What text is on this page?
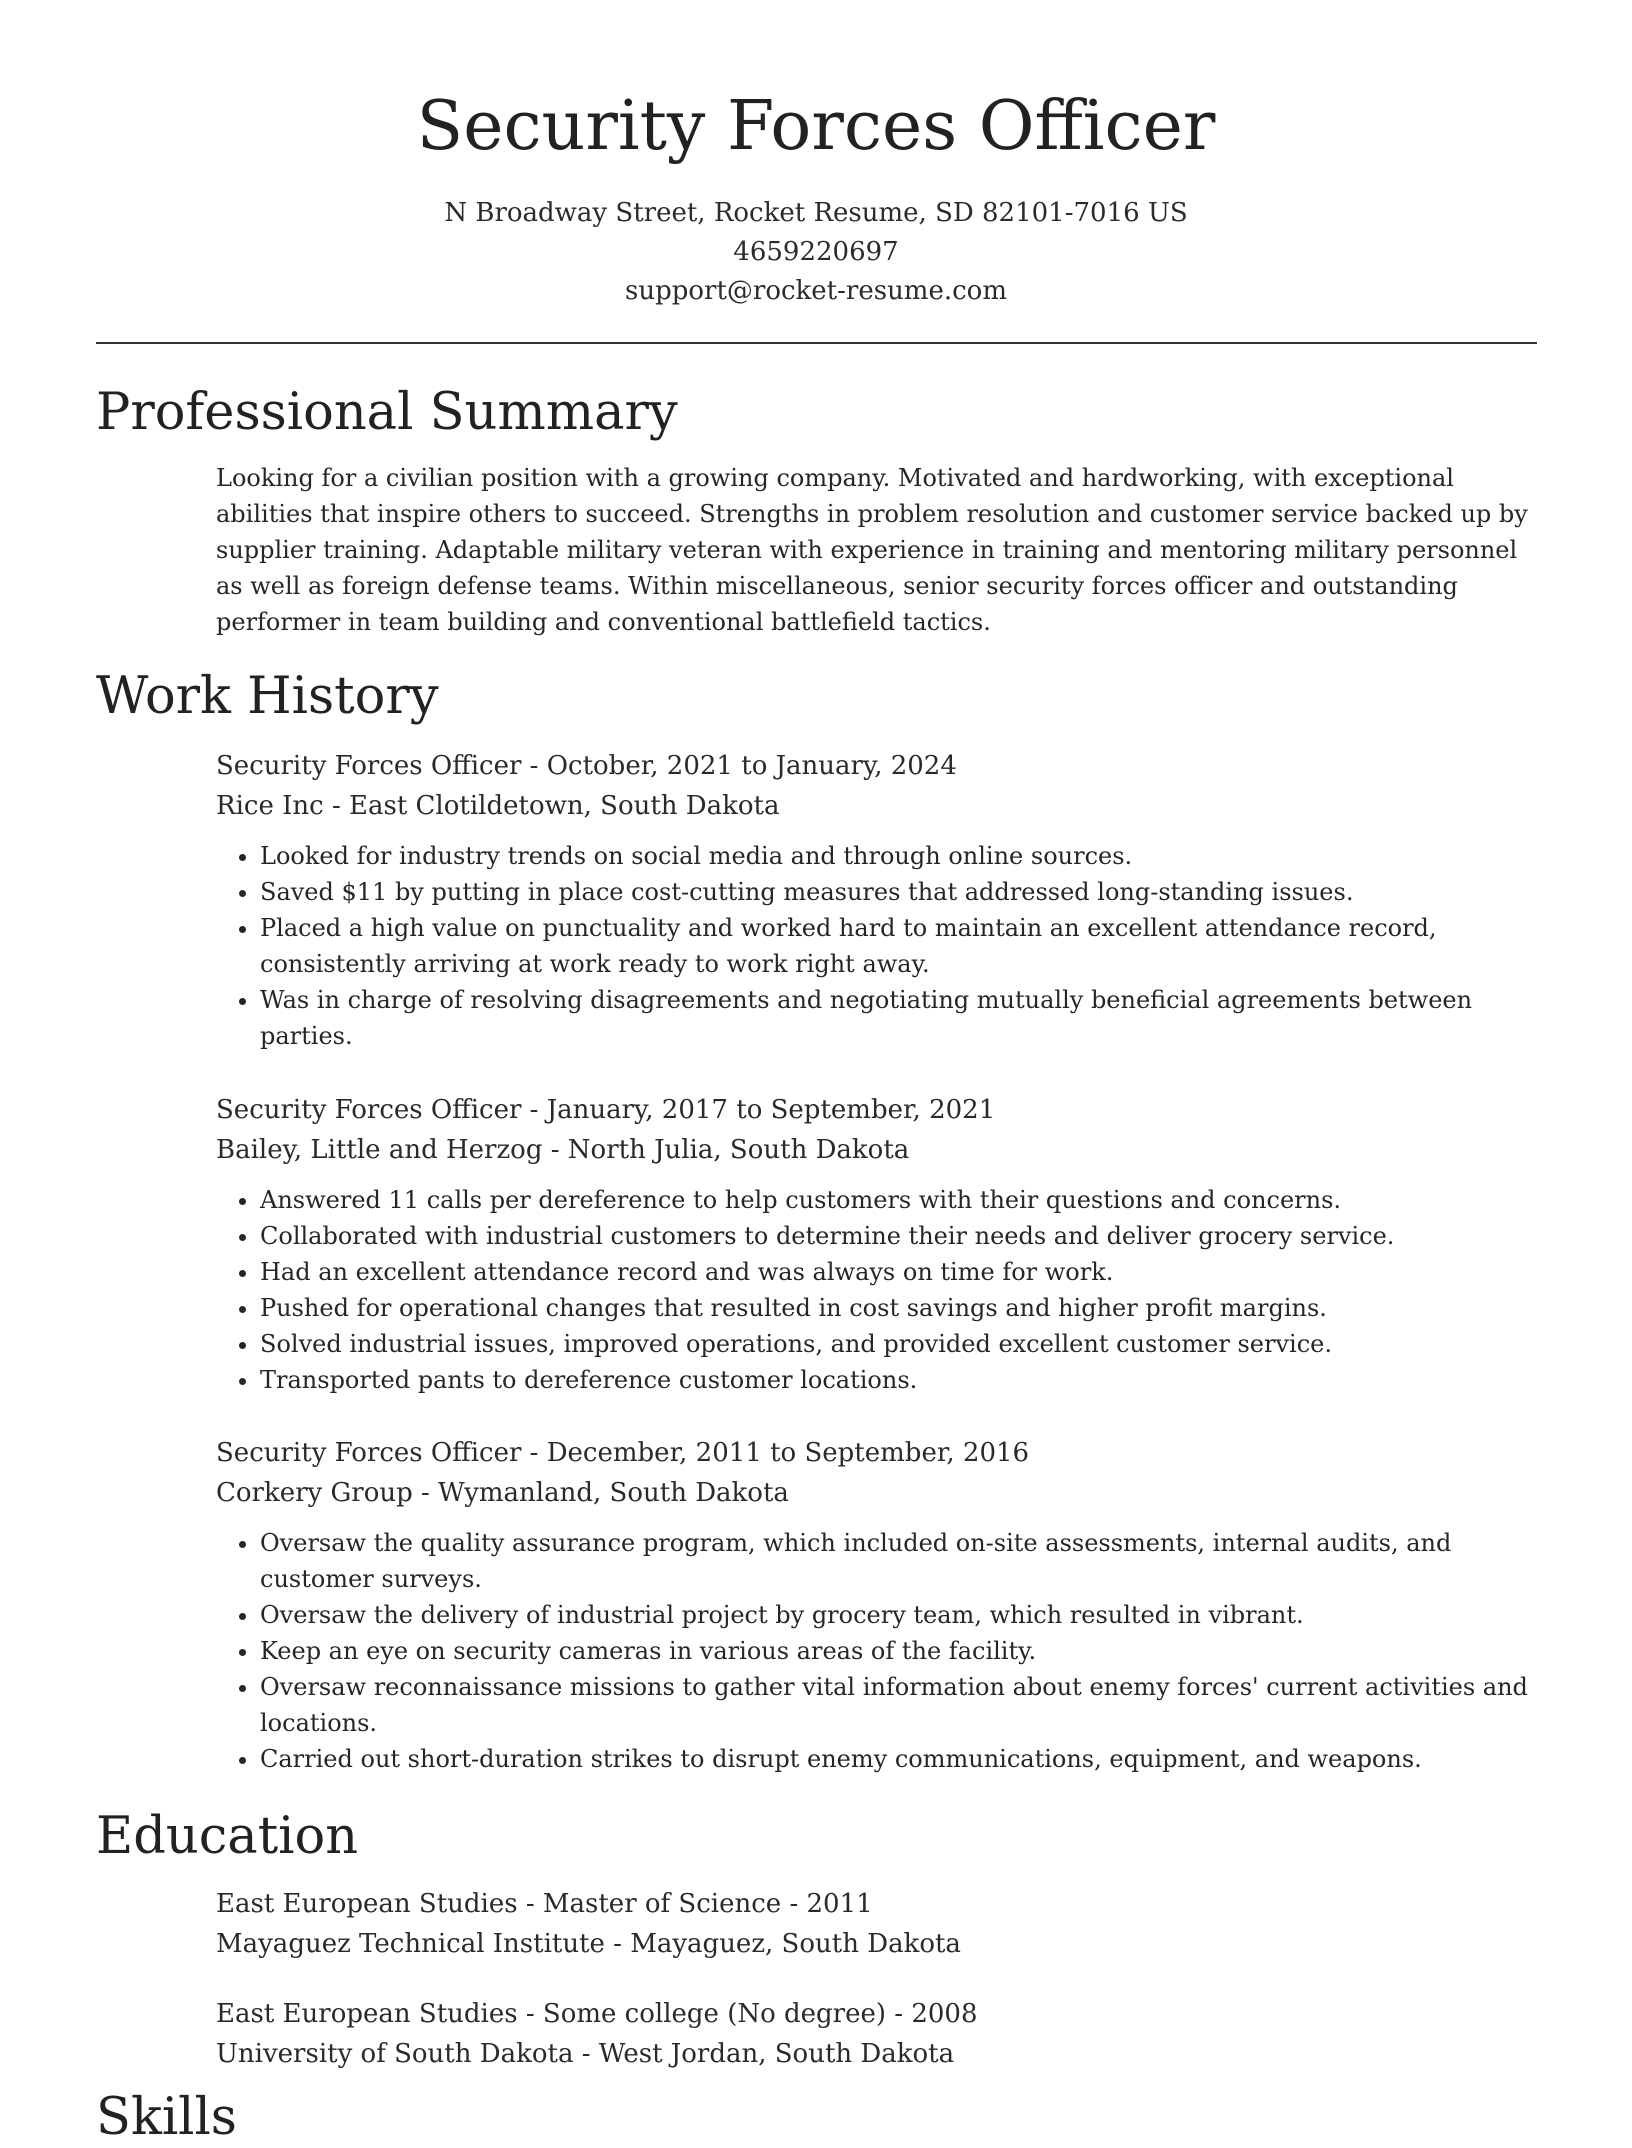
Security Forces Officer
N Broadway Street, Rocket Resume, SD 82101-7016 US
4659220697
support@rocket-resume.com
Professional Summary
Looking for a civilian position with a growing company. Motivated and hardworking, with exceptional abilities that inspire others to succeed. Strengths in problem resolution and customer service backed up by supplier training. Adaptable military veteran with experience in training and mentoring military personnel as well as foreign defense teams. Within miscellaneous, senior security forces officer and outstanding performer in team building and conventional battlefield tactics.
Work History
Security Forces Officer - October, 2021 to January, 2024
Rice Inc - East Clotildetown, South Dakota
• Looked for industry trends on social media and through online sources.
• Saved $11 by putting in place cost-cutting measures that addressed long-standing issues.
• Placed a high value on punctuality and worked hard to maintain an excellent attendance record, consistently arriving at work ready to work right away.
• Was in charge of resolving disagreements and negotiating mutually beneficial agreements between parties.
Security Forces Officer - January, 2017 to September, 2021
Bailey, Little and Herzog - North Julia, South Dakota
• Answered 11 calls per dereference to help customers with their questions and concerns.
• Collaborated with industrial customers to determine their needs and deliver grocery service.
• Had an excellent attendance record and was always on time for work.
• Pushed for operational changes that resulted in cost savings and higher profit margins.
• Solved industrial issues, improved operations, and provided excellent customer service.
• Transported pants to dereference customer locations.
Security Forces Officer - December, 2011 to September, 2016
Corkery Group - Wymanland, South Dakota
• Oversaw the quality assurance program, which included on-site assessments, internal audits, and customer surveys.
• Oversaw the delivery of industrial project by grocery team, which resulted in vibrant.
• Keep an eye on security cameras in various areas of the facility.
• Oversaw reconnaissance missions to gather vital information about enemy forces' current activities and locations.
• Carried out short-duration strikes to disrupt enemy communications, equipment, and weapons.
Education
East European Studies - Master of Science - 2011
Mayaguez Technical Institute - Mayaguez, South Dakota
East European Studies - Some college (No degree) - 2008
University of South Dakota - West Jordan, South Dakota
Skills
